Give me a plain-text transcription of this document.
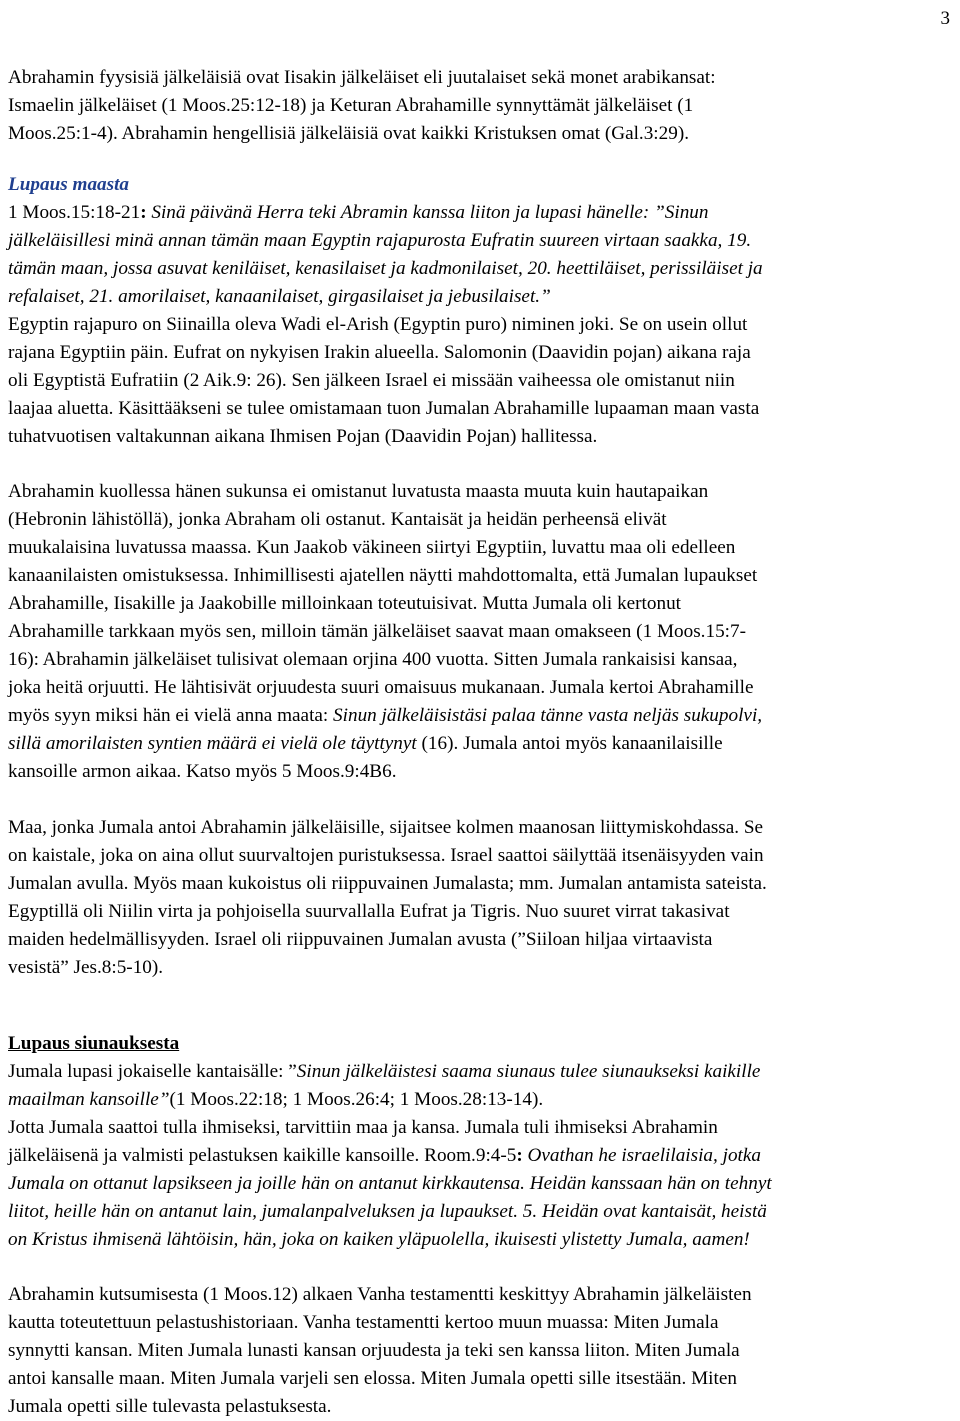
3
Abrahamin fyysisiä jälkeläisiä ovat Iisakin jälkeläiset eli juutalaiset sekä monet arabikansat:
Ismaelin jälkeläiset (1 Moos.25:12-18) ja Keturan Abrahamille synnyttämät jälkeläiset (1
Moos.25:1-4). Abrahamin hengellisiä jälkeläisiä ovat kaikki Kristuksen omat (Gal.3:29).
Lupaus maasta
1 Moos.15:18-21: Sinä päivänä Herra teki Abramin kanssa liiton ja lupasi hänelle: ”Sinun
jälkeläisillesi minä annan tämän maan Egyptin rajapurosta Eufratin suureen virtaan saakka, 19.
tämän maan, jossa asuvat keniläiset, kenasilaiset ja kadmonilaiset, 20. heettiläiset, perissiläiset ja
refalaiset, 21. amorilaiset, kanaanilaiset, girgasilaiset ja jebusilaiset.”
Egyptin rajapuro on Siinailla oleva Wadi el-Arish (Egyptin puro) niminen joki. Se on usein ollut
rajana Egyptiin päin. Eufrat on nykyisen Irakin alueella. Salomonin (Daavidin pojan) aikana raja
oli Egyptistä Eufratiin (2 Aik.9: 26). Sen jälkeen Israel ei missään vaiheessa ole omistanut niin
laajaa aluetta. Käsittääkseni se tulee omistamaan tuon Jumalan Abrahamille lupaaman maan vasta
tuhatvuotisen valtakunnan aikana Ihmisen Pojan (Daavidin Pojan) hallitessa.
Abrahamin kuollessa hänen sukunsa ei omistanut luvatusta maasta muuta kuin hautapaikan
(Hebronin lähistöllä), jonka Abraham oli ostanut. Kantaisät ja heidän perheensä elivät
muukalaisina luvatussa maassa. Kun Jaakob väkineen siirtyi Egyptiin, luvattu maa oli edelleen
kanaanilaisten omistuksessa. Inhimillisesti ajatellen näytti mahdottomalta, että Jumalan lupaukset
Abrahamille, Iisakille ja Jaakobille milloinkaan toteutuisivat. Mutta Jumala oli kertonut
Abrahamille tarkkaan myös sen, milloin tämän jälkeläiset saavat maan omakseen (1 Moos.15:7-
16): Abrahamin jälkeläiset tulisivat olemaan orjina 400 vuotta. Sitten Jumala rankaisisi kansaa,
joka heitä orjuutti. He lähtisivät orjuudesta suuri omaisuus mukanaan. Jumala kertoi Abrahamille
myös syyn miksi hän ei vielä anna maata: Sinun jälkeläisistäsi palaa tänne vasta neljäs sukupolvi,
sillä amorilaisten syntien määrä ei vielä ole täyttynyt (16). Jumala antoi myös kanaanilaisille
kansoille armon aikaa. Katso myös 5 Moos.9:4B6.
Maa, jonka Jumala antoi Abrahamin jälkeläisille, sijaitsee kolmen maanosan liittymiskohdassa. Se
on kaistale, joka on aina ollut suurvaltojen puristuksessa. Israel saattoi säilyttää itsenäisyyden vain
Jumalan avulla. Myös maan kukoistus oli riippuvainen Jumalasta; mm. Jumalan antamista sateista.
Egyptillä oli Niilin virta ja pohjoisella suurvallalla Eufrat ja Tigris. Nuo suuret virrat takasivat
maiden hedelmällisyyden. Israel oli riippuvainen Jumalan avusta (”Siiloan hiljaa virtaavista
vesistä” Jes.8:5-10).
Lupaus siunauksesta
Jumala lupasi jokaiselle kantaisälle: ”Sinun jälkeläistesi saama siunaus tulee siunaukseksi kaikille
maailman kansoille”(1 Moos.22:18; 1 Moos.26:4; 1 Moos.28:13-14).
Jotta Jumala saattoi tulla ihmiseksi, tarvittiin maa ja kansa. Jumala tuli ihmiseksi Abrahamin
jälkeläisenä ja valmisti pelastuksen kaikille kansoille. Room.9:4-5: Ovathan he israelilaisia, jotka
Jumala on ottanut lapsikseen ja joille hän on antanut kirkkautensa. Heidän kanssaan hän on tehnyt
liitot, heille hän on antanut lain, jumalanpalveluksen ja lupaukset. 5. Heidän ovat kantaisät, heistä
on Kristus ihmisenä lähtöisin, hän, joka on kaiken yläpuolella, ikuisesti ylistetty Jumala, aamen!
Abrahamin kutsumisesta (1 Moos.12) alkaen Vanha testamentti keskittyy Abrahamin jälkeläisten
kautta toteutettuun pelastushistoriaan. Vanha testamentti kertoo muun muassa: Miten Jumala
synnytti kansan. Miten Jumala lunasti kansan orjuudesta ja teki sen kanssa liiton. Miten Jumala
antoi kansalle maan. Miten Jumala varjeli sen elossa. Miten Jumala opetti sille itsestään. Miten
Jumala opetti sille tulevasta pelastuksesta.
